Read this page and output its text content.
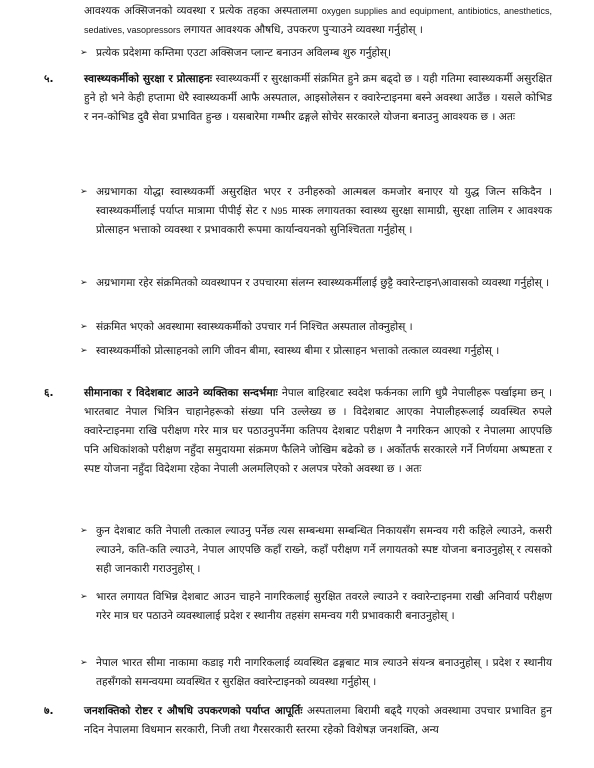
आवश्यक अक्सिजनको व्यवस्था र प्रत्येक तहका अस्पतालमा oxygen supplies and equipment, antibiotics, anesthetics, sedatives, vasopressors लगायत आवश्यक औषधि, उपकरण पुर्‍याउने व्यवस्था गर्नुहोस् ।

➢ प्रत्येक प्रदेशमा कम्तिमा एउटा अक्सिजन प्लान्ट बनाउन अविलम्ब शुरु गर्नुहोस्।

५.	स्वास्थ्यकर्मीको सुरक्षा र प्रोत्साहनः स्वास्थ्यकर्मी र सुरक्षाकर्मी संक्रमित हुने क्रम बढ्दो छ । यही गतिमा स्वास्थ्यकर्मी असुरक्षित हुने हो भने केही हप्तामा धेरै स्वास्थ्यकर्मी आफै अस्पताल, आइसोलेसन र क्वारेन्टाइनमा बस्ने अवस्था आउँछ । यसले कोभिड र नन-कोभिड दुवै सेवा प्रभावित हुन्छ । यसबारेमा गम्भीर ढङ्गले सोचेर सरकारले योजना बनाउनु आवश्यक छ । अतः

➢ अग्रभागका योद्धा स्वास्थ्यकर्मी असुरक्षित भएर र उनीहरुको आत्मबल कमजोर बनाएर यो युद्ध जित्न सकिदैन । स्वास्थ्यकर्मीलाई पर्याप्त मात्रामा पीपीई सेट र N95 मास्क लगायतका स्वास्थ्य सुरक्षा सामाग्री, सुरक्षा तालिम र आवश्यक प्रोत्साहन भत्ताको व्यवस्था र प्रभावकारी रूपमा कार्यान्वयनको सुनिश्चितता गर्नुहोस् ।

➢ अग्रभागमा रहेर संक्रमितको व्यवस्थापन र उपचारमा संलग्न स्वास्थ्यकर्मीलाई छुट्टै क्वारेन्टाइन\आवासको व्यवस्था गर्नुहोस् ।

➢ संक्रमित भएको अवस्थामा स्वास्थ्यकर्मीको उपचार गर्न निश्चित अस्पताल तोक्नुहोस् ।

➢ स्वास्थ्यकर्मीको प्रोत्साहनको लागि जीवन बीमा, स्वास्थ्य बीमा र प्रोत्साहन भत्ताको तत्काल व्यवस्था गर्नुहोस् ।

६.	सीमानाका र विदेशबाट आउने व्यक्तिका सन्दर्भमाः नेपाल बाहिरबाट स्वदेश फर्कनका लागि धुप्रै नेपालीहरू पर्खाइमा छन् । भारतबाट नेपाल भित्रिन चाहानेहरूको संख्या पनि उल्लेख्य छ । विदेशबाट आएका नेपालीहरूलाई व्यवस्थित रुपले क्वारेन्टाइनमा राखि परीक्षण गरेर मात्र घर पठाउनुपर्नेमा कतिपय देशबाट परीक्षण नै नगरिकन आएको र नेपालमा आएपछि पनि अधिकांशको परीक्षण नहुँदा समुदायमा संक्रमण फैलिने जोखिम बढेको छ । अर्कोतर्फ सरकारले गर्ने निर्णयमा अष्पष्टता र स्पष्ट योजना नहुँदा विदेशमा रहेका नेपाली अलमलिएको र अलपत्र परेको अवस्था छ । अतः

➢ कुन देशबाट कति नेपाली तत्काल ल्याउनु पर्नेछ त्यस सम्बन्धमा सम्बन्धित निकायसँग समन्वय गरी कहिले ल्याउने, कसरी ल्याउने, कति-कति ल्याउने, नेपाल आएपछि कहाँ राख्ने, कहाँ परीक्षण गर्ने लगायतको स्पष्ट योजना बनाउनुहोस् र त्यसको सही जानकारी गराउनुहोस् ।

➢ भारत लगायत विभिन्न देशबाट आउन चाहने नागरिकलाई सुरक्षित तवरले ल्याउने र क्वारेन्टाइनमा राखी अनिवार्य परीक्षण गरेर मात्र घर पठाउने व्यवस्थालाई प्रदेश र स्थानीय तहसंग समन्वय गरी प्रभावकारी बनाउनुहोस् ।

➢ नेपाल भारत सीमा नाकामा कडाइ गरी नागरिकलाई व्यवस्थित ढङ्गबाट मात्र ल्याउने संयन्त्र बनाउनुहोस् । प्रदेश र स्थानीय तहसँगको समन्वयमा व्यवस्थित र सुरक्षित क्वारेन्टाइनको व्यवस्था गर्नुहोस् ।

७.	जनशक्तिको रोष्टर र औषधि उपकरणको पर्याप्त आपूर्तिः अस्पतालमा बिरामी बढ्दै गएको अवस्थामा उपचार प्रभावित हुन नदिन नेपालमा विधमान सरकारी, निजी तथा गैरसरकारी स्तरमा रहेको विशेषज्ञ जनशक्ति, अन्य
